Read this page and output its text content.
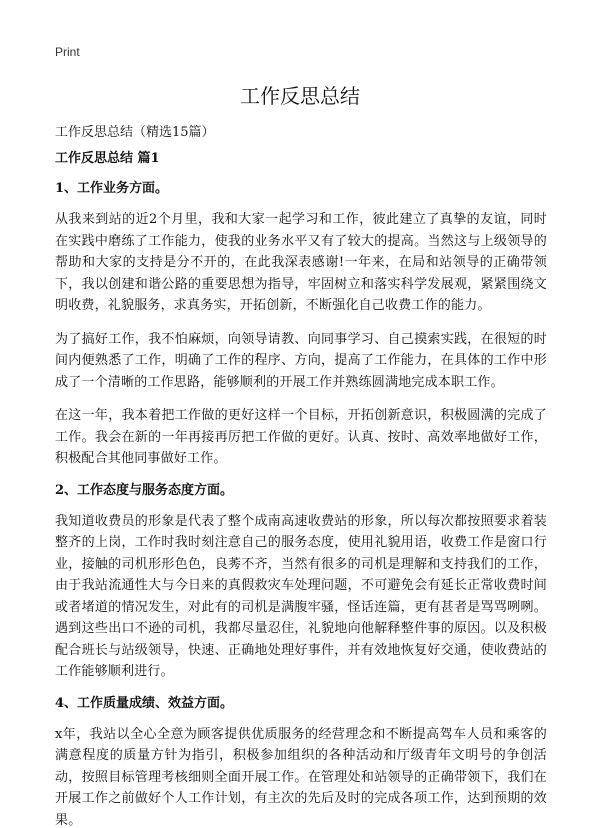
Print
工作反思总结

工作反思总结（精选15篇）

工作反思总结 篇1
1、工作业务方面。

从我来到站的近2个月里，我和大家一起学习和工作，彼此建立了真挚的友谊，同时在实践中磨练了工作能力，使我的业务水平又有了较大的提高。当然这与上级领导的帮助和大家的支持是分不开的，在此我深表感谢!一年来，在局和站领导的正确带领下，我以创建和谐公路的重要思想为指导，牢固树立和落实科学发展观，紧紧围绕文明收费，礼貌服务，求真务实，开拓创新，不断强化自己收费工作的能力。

为了搞好工作，我不怕麻烦，向领导请教、向同事学习、自己摸索实践，在很短的时间内便熟悉了工作，明确了工作的程序、方向，提高了工作能力，在具体的工作中形成了一个清晰的工作思路，能够顺利的开展工作并熟练圆满地完成本职工作。

在这一年，我本着把工作做的更好这样一个目标，开拓创新意识，积极圆满的完成了工作。我会在新的一年再接再厉把工作做的更好。认真、按时、高效率地做好工作，积极配合其他同事做好工作。

2、工作态度与服务态度方面。

我知道收费员的形象是代表了整个成南高速收费站的形象，所以每次都按照要求着装整齐的上岗，工作时我时刻注意自己的服务态度，使用礼貌用语，收费工作是窗口行业，接触的司机形形色色，良莠不齐，当然有很多的司机是理解和支持我们的工作，由于我站流通性大与今日来的真假救灾车处理问题，不可避免会有延长正常收费时间或者堵道的情况发生，对此有的司机是满腹牢骚，怪话连篇，更有甚者是骂骂咧咧。遇到这些出口不逊的司机，我都尽量忍住，礼貌地向他解释整件事的原因。以及积极配合班长与站级领导，快速、正确地处理好事件，并有效地恢复好交通，使收费站的工作能够顺利进行。

4、工作质量成绩、效益方面。

x年，我站以全心全意为顾客提供优质服务的经营理念和不断提高驾车人员和乘客的满意程度的质量方针为指引，积极参加组织的各种活动和厅级青年文明号的争创活动，按照目标管理考核细则全面开展工作。在管理处和站领导的正确带领下，我们在开展工作之前做好个人工作计划，有主次的先后及时的完成各项工作，达到预期的效果。
